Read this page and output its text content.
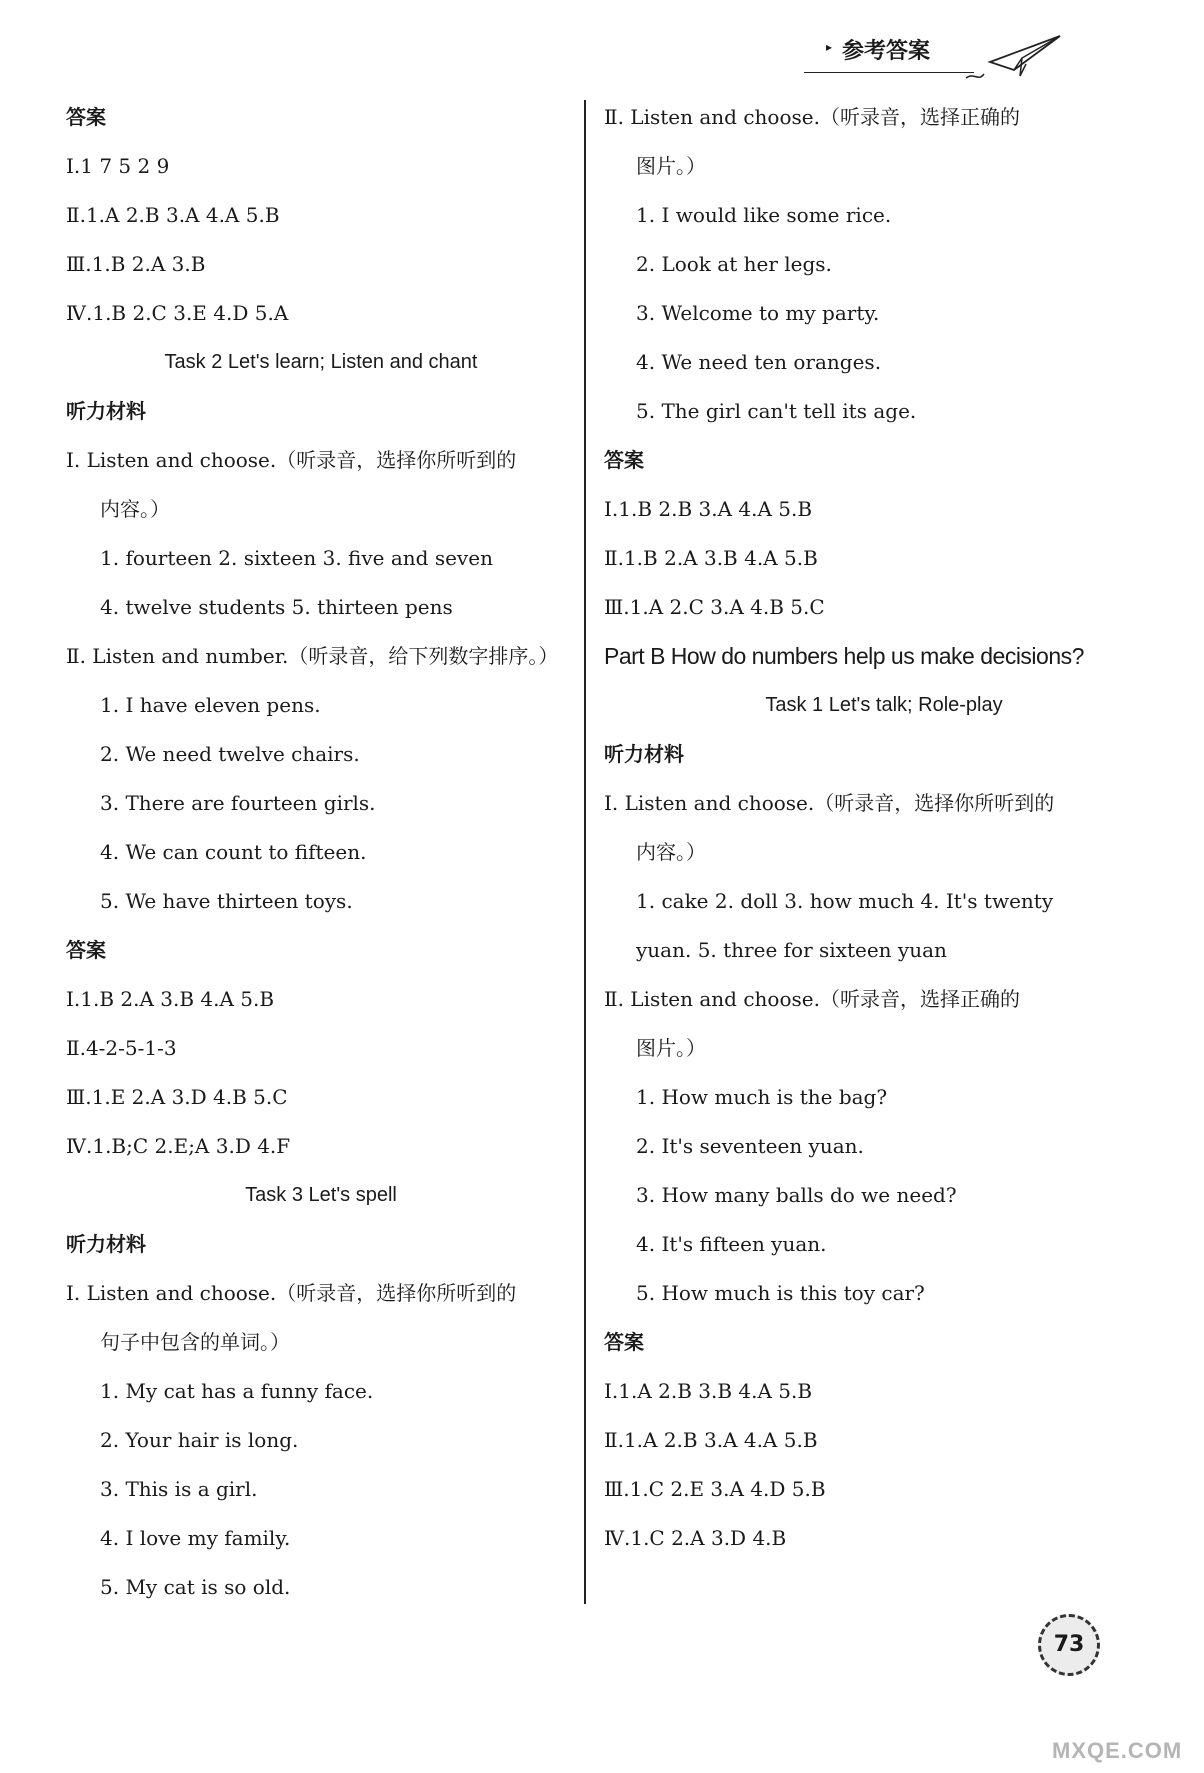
▸ 参考答案
答案
Ⅰ.1 7 5 2 9
Ⅱ.1.A 2.B 3.A 4.A 5.B
Ⅲ.1.B 2.A 3.B
Ⅳ.1.B 2.C 3.E 4.D 5.A
Task 2 Let's learn; Listen and chant
听力材料
Ⅰ. Listen and choose.（听录音，选择你所听到的
内容。）
1. fourteen 2. sixteen 3. five and seven
4. twelve students 5. thirteen pens
Ⅱ. Listen and number.（听录音，给下列数字排序。）
1. I have eleven pens.
2. We need twelve chairs.
3. There are fourteen girls.
4. We can count to fifteen.
5. We have thirteen toys.
答案
Ⅰ.1.B 2.A 3.B 4.A 5.B
Ⅱ.4-2-5-1-3
Ⅲ.1.E 2.A 3.D 4.B 5.C
Ⅳ.1.B;C 2.E;A 3.D 4.F
Task 3 Let's spell
听力材料
Ⅰ. Listen and choose.（听录音，选择你所听到的
句子中包含的单词。）
1. My cat has a funny face.
2. Your hair is long.
3. This is a girl.
4. I love my family.
5. My cat is so old.
Ⅱ. Listen and choose.（听录音，选择正确的
图片。）
1. I would like some rice.
2. Look at her legs.
3. Welcome to my party.
4. We need ten oranges.
5. The girl can't tell its age.
答案
Ⅰ.1.B 2.B 3.A 4.A 5.B
Ⅱ.1.B 2.A 3.B 4.A 5.B
Ⅲ.1.A 2.C 3.A 4.B 5.C
Part B How do numbers help us make decisions?
Task 1 Let's talk; Role-play
听力材料
Ⅰ. Listen and choose.（听录音，选择你所听到的
内容。）
1. cake 2. doll 3. how much 4. It's twenty
yuan. 5. three for sixteen yuan
Ⅱ. Listen and choose.（听录音，选择正确的
图片。）
1. How much is the bag?
2. It's seventeen yuan.
3. How many balls do we need?
4. It's fifteen yuan.
5. How much is this toy car?
答案
Ⅰ.1.A 2.B 3.B 4.A 5.B
Ⅱ.1.A 2.B 3.A 4.A 5.B
Ⅲ.1.C 2.E 3.A 4.D 5.B
Ⅳ.1.C 2.A 3.D 4.B
73
MXQE.COM
